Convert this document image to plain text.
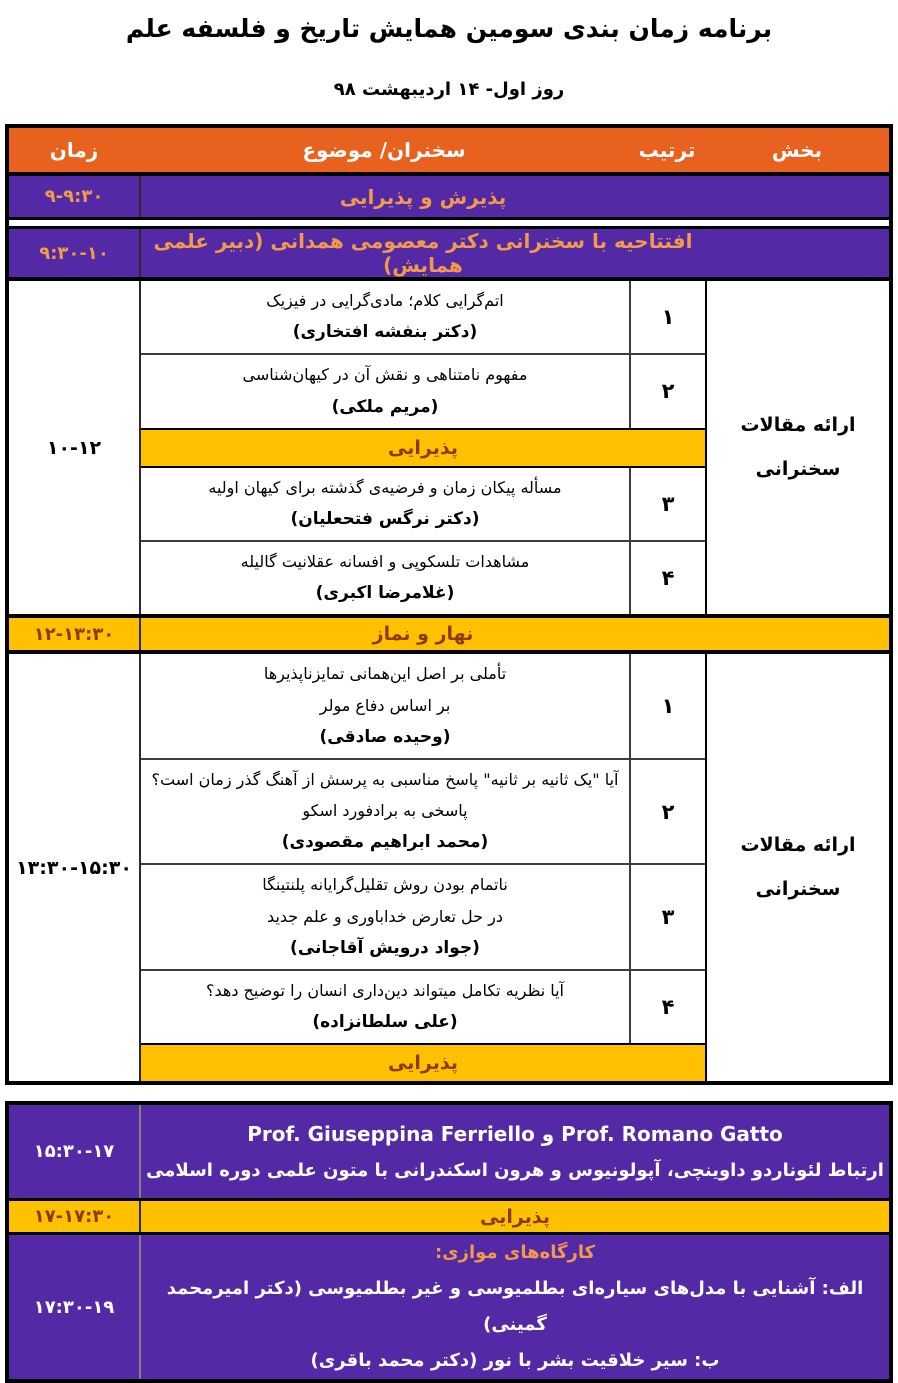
برنامه زمان بندی سومین همایش تاریخ و فلسفه علم
روز اول- ۱۴ اردیبهشت ۹۸
بخش
ترتیب
سخنران/ موضوع
زمان
پذیرش و پذیرایی
۹-۹:۳۰
افتتاحیه با سخنرانی دکتر معصومی همدانی (دبیر علمی همایش)
۹:۳۰-۱۰
ارائه مقالات
سخنرانی
۱
اتم‌گرایی کلام؛ مادی‌گرایی در فیزیک
(دکتر بنفشه افتخاری)
۲
مفهوم نامتناهی و نقش آن در کیهان‌شناسی
(مریم ملکی)
پذیرایی
۳
مسأله پیکان زمان و فرضیه‌ی گذشته برای کیهان اولیه
(دکتر نرگس فتحعلیان)
۴
مشاهدات تلسکوپی و افسانه عقلانیت گالیله
(غلامرضا اکبری)
۱۰-۱۲
نهار و نماز
۱۲-۱۳:۳۰
ارائه مقالات
سخنرانی
۱
تأملی بر اصل این‌همانی تمایزناپذیرها
بر اساس دفاع مولر
(وحیده صادقی)
۲
آیا "یک ثانیه بر ثانیه" پاسخ مناسبی به پرسش از آهنگ گذر زمان است؟
پاسخی به برادفورد اسکو
(محمد ابراهیم مقصودی)
۳
ناتمام بودن روش تقلیل‌گرایانه پلنتینگا
در حل تعارض خداباوری و علم جدید
(جواد درویش آقاجانی)
۴
آیا نظریه تکامل میتواند دین‌داری انسان را توضیح دهد؟
(علی سلطانزاده)
پذیرایی
۱۳:۳۰-۱۵:۳۰
Prof. Romano Gatto و Prof. Giuseppina Ferriello
ارتباط لئوناردو داوینچی، آپولونیوس و هرون اسکندرانی با متون علمی دوره اسلامی
۱۵:۳۰-۱۷
پذیرایی
۱۷-۱۷:۳۰
کارگاه‌های موازی:
الف: آشنایی با مدل‌های سیاره‌ای بطلمیوسی و غیر بطلمیوسی (دکتر امیرمحمد گمینی)
ب: سیر خلاقیت بشر با نور (دکتر محمد باقری)
۱۷:۳۰-۱۹
